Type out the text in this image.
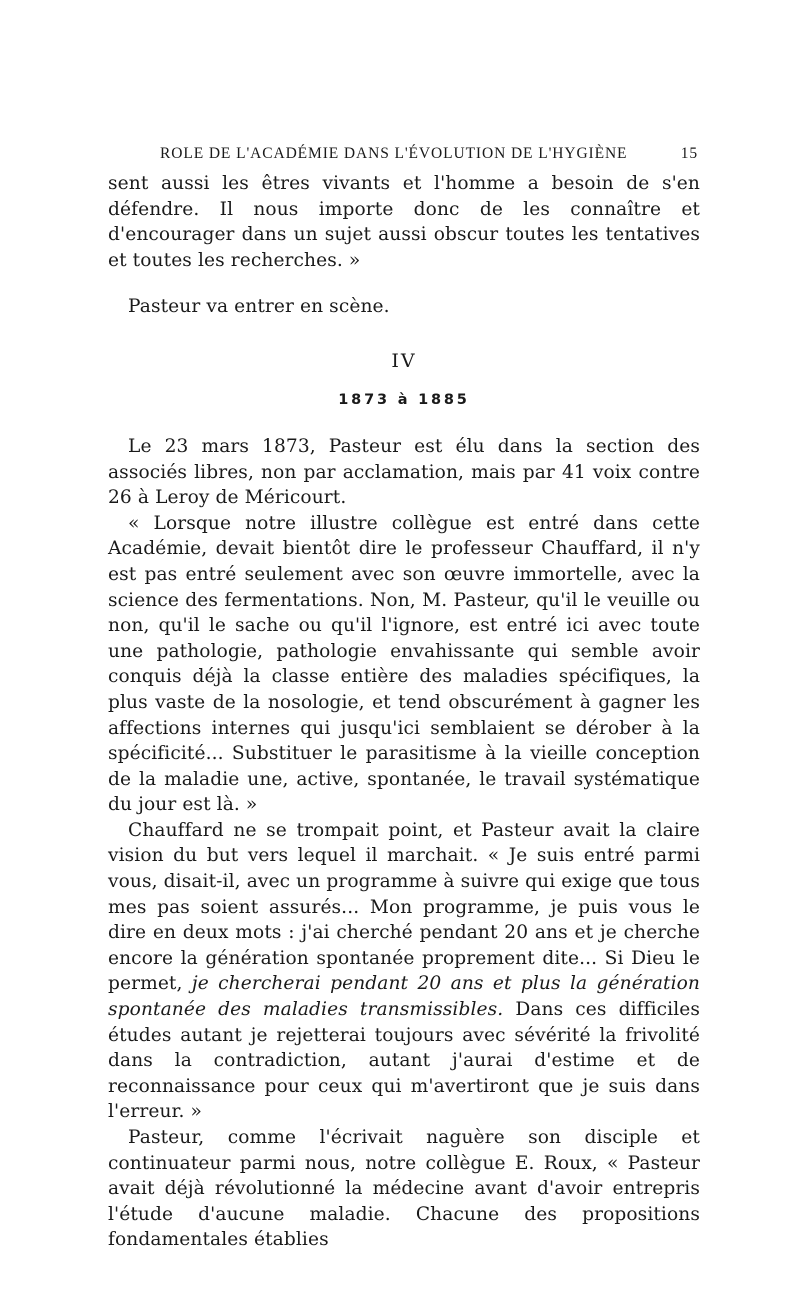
ROLE DE L'ACADÉMIE DANS L'ÉVOLUTION DE L'HYGIÈNE	15

sent aussi les êtres vivants et l'homme a besoin de s'en défendre. Il nous importe donc de les connaître et d'encourager dans un sujet aussi obscur toutes les tentatives et toutes les recherches. »

Pasteur va entrer en scène.

IV
1873 à 1885

Le 23 mars 1873, Pasteur est élu dans la section des associés libres, non par acclamation, mais par 41 voix contre 26 à Leroy de Méricourt.

« Lorsque notre illustre collègue est entré dans cette Académie, devait bientôt dire le professeur Chauffard, il n'y est pas entré seulement avec son œuvre immortelle, avec la science des fermentations. Non, M. Pasteur, qu'il le veuille ou non, qu'il le sache ou qu'il l'ignore, est entré ici avec toute une pathologie, pathologie envahissante qui semble avoir conquis déjà la classe entière des maladies spécifiques, la plus vaste de la nosologie, et tend obscurément à gagner les affections internes qui jusqu'ici semblaient se dérober à la spécificité... Substituer le parasitisme à la vieille conception de la maladie une, active, spontanée, le travail systématique du jour est là. »

Chauffard ne se trompait point, et Pasteur avait la claire vision du but vers lequel il marchait. « Je suis entré parmi vous, disait-il, avec un programme à suivre qui exige que tous mes pas soient assurés... Mon programme, je puis vous le dire en deux mots : j'ai cherché pendant 20 ans et je cherche encore la génération spontanée proprement dite... Si Dieu le permet, je chercherai pendant 20 ans et plus la génération spontanée des maladies transmissibles. Dans ces difficiles études autant je rejetterai toujours avec sévérité la frivolité dans la contradiction, autant j'aurai d'estime et de reconnaissance pour ceux qui m'avertiront que je suis dans l'erreur. »

Pasteur, comme l'écrivait naguère son disciple et continuateur parmi nous, notre collègue E. Roux, « Pasteur avait déjà révolutionné la médecine avant d'avoir entrepris l'étude d'aucune maladie. Chacune des propositions fondamentales établies
